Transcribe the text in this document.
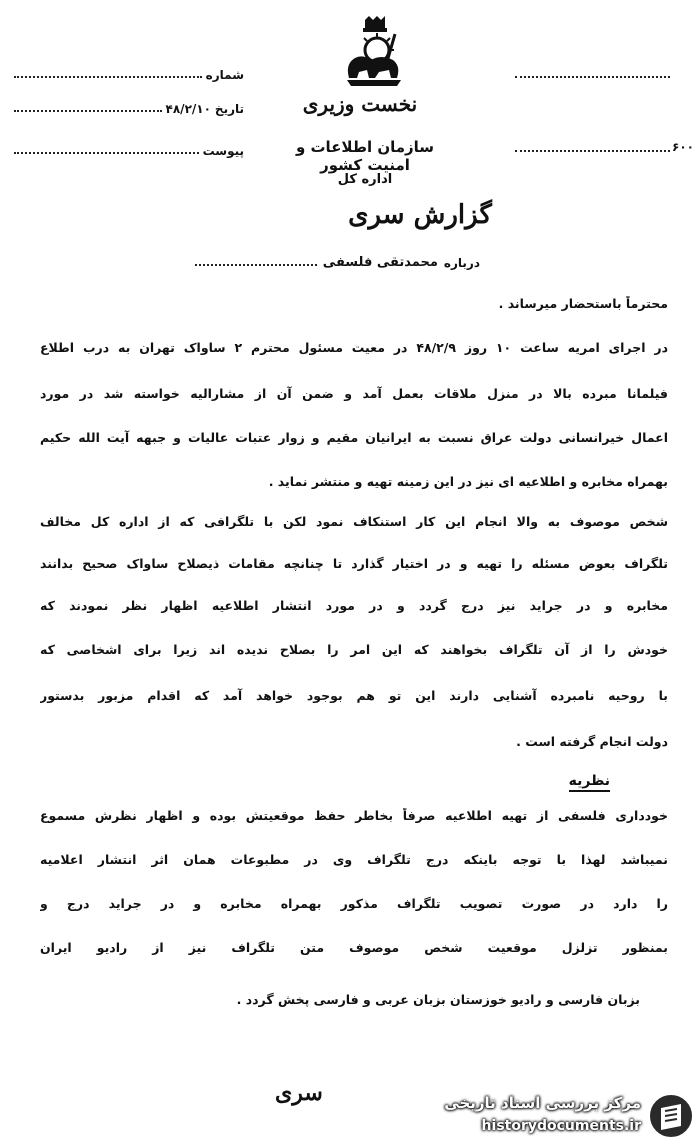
نخست وزیری
سازمان اطلاعات و امنیت کشور
اداره کل
شماره
تاریخ
۴۸/۲/۱۰
پیوست	۶۰۰
گزارش سری
درباره
محمدتقی فلسفی
محترماً باستحضار میرساند .
در اجرای امریه ساعت ۱۰ روز ۴۸/۲/۹ در معیت مسئول محترم ۲ ساواک تهران به درب اطلاع
فیلمانا مبرده بالا در منزل ملاقات بعمل آمد و ضمن آن از مشارالیه خواسته شد در مورد
اعمال خیرانسانی دولت عراق نسبت به ایرانیان مقیم و زوار عتبات عالیات و جبهه آیت الله حکیم
بهمراه مخابره و اطلاعیه ای نیز در این زمینه تهیه و منتشر نماید .
شخص موصوف به والا انجام این کار استنکاف نمود لکن با تلگرافی که از اداره کل مخالف
تلگراف بعوض مسئله را تهیه و در اختیار گذارد تا چنانچه مقامات ذیصلاح ساواک صحیح بدانند
مخابره و در جراید نیز درج گردد و در مورد انتشار اطلاعیه اظهار نظر نمودند که
خودش را از آن تلگراف بخواهند که این امر را بصلاح ندیده اند زیرا برای اشخاصی که
با روحیه نامبرده آشنایی دارند این تو هم بوجود خواهد آمد که اقدام مزبور بدستور
دولت انجام گرفته است .
نظریه
خودداری فلسفی از تهیه اطلاعیه صرفاً بخاطر حفظ موقعیتش بوده و اظهار نظرش مسموع
نمیباشد لهذا با توجه باینکه درج تلگراف وی در مطبوعات همان اثر انتشار اعلامیه
را دارد در صورت تصویب تلگراف مذکور بهمراه مخابره و در جراید درج و
بمنظور تزلزل موقعیت شخص موصوف متن تلگراف نیز از رادیو ایران
بزبان فارسی و رادیو خوزستان بزبان عربی و فارسی پخش گردد .
سری	مرکز بررسی اسناد تاریخی
historydocuments.ir
